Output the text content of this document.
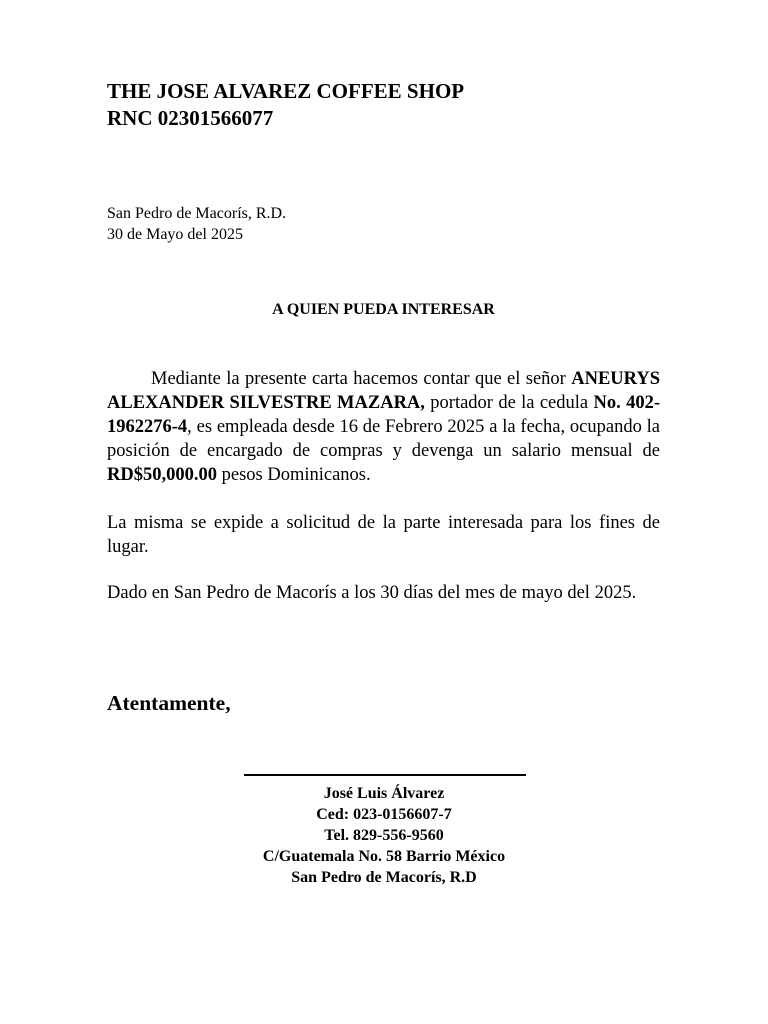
THE JOSE ALVAREZ COFFEE SHOP
RNC 02301566077
San Pedro de Macorís, R.D.
30 de Mayo del 2025
A QUIEN PUEDA INTERESAR

Mediante la presente carta hacemos contar que el señor ANEURYS ALEXANDER SILVESTRE MAZARA, portador de la cedula No. 402-1962276-4, es empleada desde 16 de Febrero 2025 a la fecha, ocupando la posición de encargado de compras y devenga un salario mensual de RD$50,000.00 pesos Dominicanos.

La misma se expide a solicitud de la parte interesada para los fines de lugar.

Dado en San Pedro de Macorís a los 30 días del mes de mayo del 2025.

Atentamente,
José Luis Álvarez
Ced: 023-0156607-7
Tel. 829-556-9560
C/Guatemala No. 58 Barrio México
San Pedro de Macorís, R.D
